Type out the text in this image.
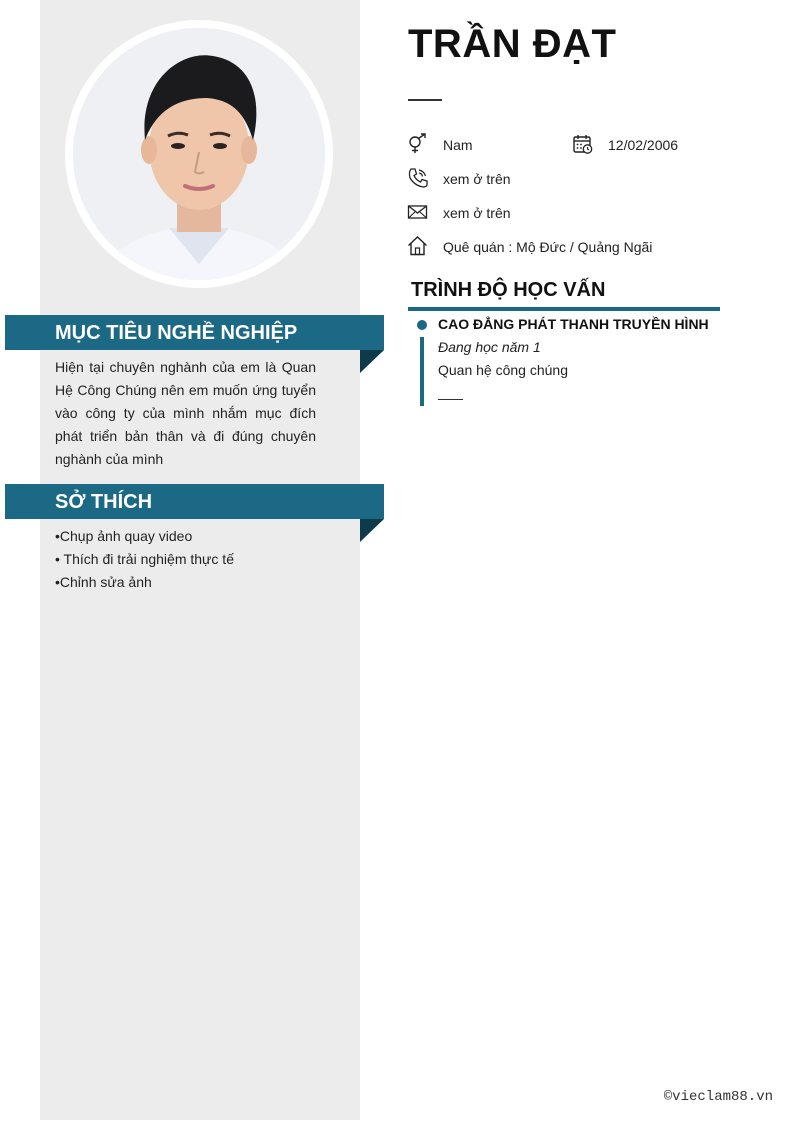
MỤC TIÊU NGHỀ NGHIỆP
Hiện tại chuyên nghành của em là Quan Hệ Công Chúng nên em muốn ứng tuyển vào công ty của mình nhắm mục đích phát triển bản thân và đi đúng chuyên nghành của mình
SỞ THÍCH
•Chụp ảnh quay video
• Thích đi trải nghiệm thực tế
•Chỉnh sửa ảnh
TRẦN ĐẠT
Nam	12/02/2006
xem ở trên
xem ở trên
Quê quán : Mộ Đức / Quảng Ngãi
TRÌNH ĐỘ HỌC VẤN
CAO ĐẲNG PHÁT THANH TRUYỀN HÌNH
Đang học năm 1
Quan hệ công chúng
©vieclam88.vn
